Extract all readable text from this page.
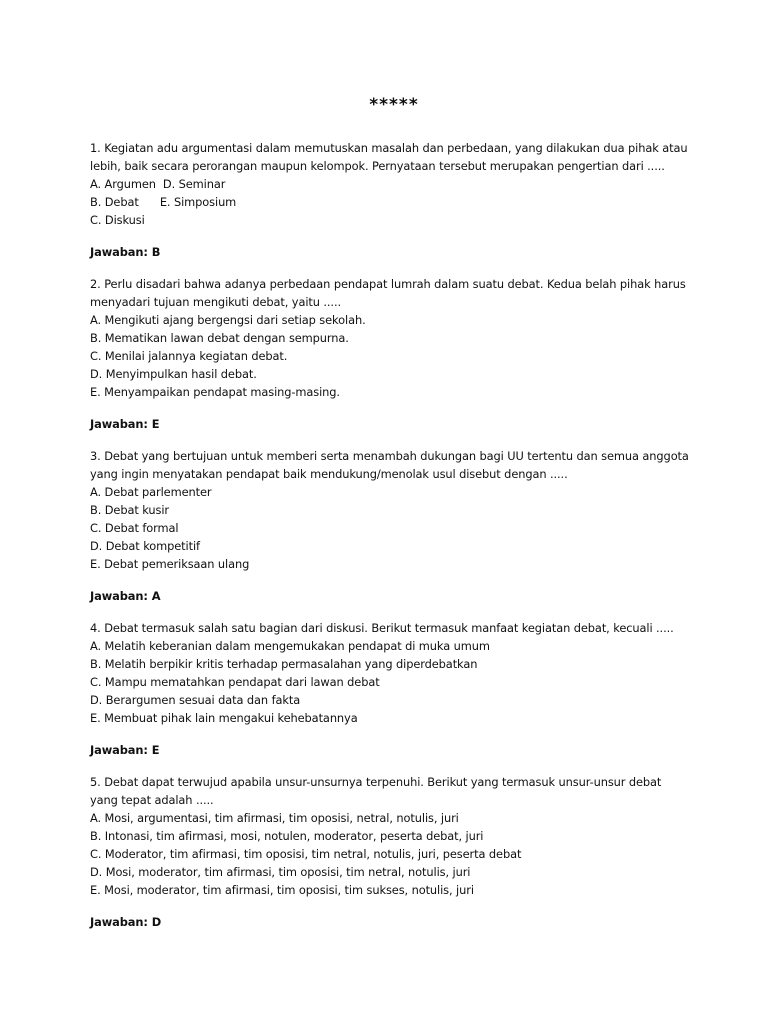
*****
1. Kegiatan adu argumentasi dalam memutuskan masalah dan perbedaan, yang dilakukan dua pihak atau lebih, baik secara perorangan maupun kelompok. Pernyataan tersebut merupakan pengertian dari .....
A. Argumen  D. Seminar
B. Debat      E. Simposium
C. Diskusi
Jawaban: B
2. Perlu disadari bahwa adanya perbedaan pendapat lumrah dalam suatu debat. Kedua belah pihak harus menyadari tujuan mengikuti debat, yaitu .....
A. Mengikuti ajang bergengsi dari setiap sekolah.
B. Mematikan lawan debat dengan sempurna.
C. Menilai jalannya kegiatan debat.
D. Menyimpulkan hasil debat.
E. Menyampaikan pendapat masing-masing.
Jawaban: E
3. Debat yang bertujuan untuk memberi serta menambah dukungan bagi UU tertentu dan semua anggota yang ingin menyatakan pendapat baik mendukung/menolak usul disebut dengan .....
A. Debat parlementer
B. Debat kusir
C. Debat formal
D. Debat kompetitif
E. Debat pemeriksaan ulang
Jawaban: A
4. Debat termasuk salah satu bagian dari diskusi. Berikut termasuk manfaat kegiatan debat, kecuali .....
A. Melatih keberanian dalam mengemukakan pendapat di muka umum
B. Melatih berpikir kritis terhadap permasalahan yang diperdebatkan
C. Mampu mematahkan pendapat dari lawan debat
D. Berargumen sesuai data dan fakta
E. Membuat pihak lain mengakui kehebatannya
Jawaban: E
5. Debat dapat terwujud apabila unsur-unsurnya terpenuhi. Berikut yang termasuk unsur-unsur debat yang tepat adalah .....
A. Mosi, argumentasi, tim afirmasi, tim oposisi, netral, notulis, juri
B. Intonasi, tim afirmasi, mosi, notulen, moderator, peserta debat, juri
C. Moderator, tim afirmasi, tim oposisi, tim netral, notulis, juri, peserta debat
D. Mosi, moderator, tim afirmasi, tim oposisi, tim netral, notulis, juri
E. Mosi, moderator, tim afirmasi, tim oposisi, tim sukses, notulis, juri
Jawaban: D
